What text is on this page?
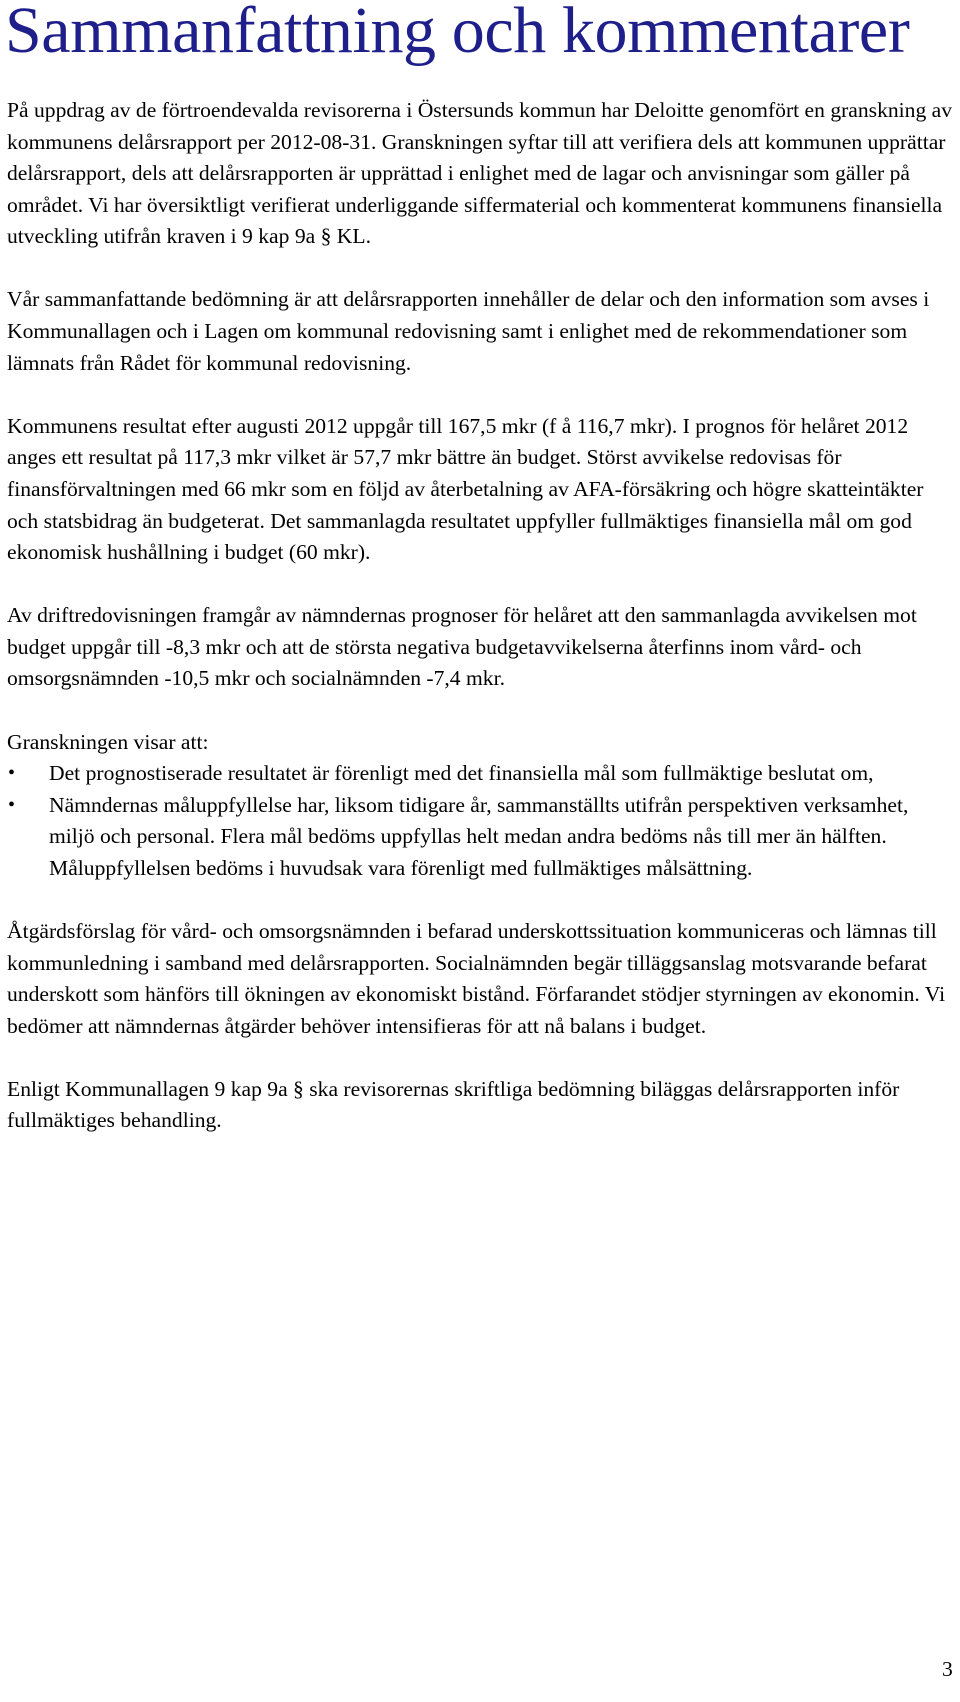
Sammanfattning och kommentarer

På uppdrag av de förtroendevalda revisorerna i Östersunds kommun har Deloitte genomfört en granskning av kommunens delårsrapport per 2012-08-31. Granskningen syftar till att verifiera dels att kommunen upprättar delårsrapport, dels att delårsrapporten är upprättad i enlighet med de lagar och anvisningar som gäller på området. Vi har översiktligt verifierat underliggande siffermaterial och kommenterat kommunens finansiella utveckling utifrån kraven i 9 kap 9a § KL.

Vår sammanfattande bedömning är att delårsrapporten innehåller de delar och den information som avses i Kommunallagen och i Lagen om kommunal redovisning samt i enlighet med de rekommendationer som lämnats från Rådet för kommunal redovisning.

Kommunens resultat efter augusti 2012 uppgår till 167,5 mkr (f å 116,7 mkr). I prognos för helåret 2012 anges ett resultat på 117,3 mkr vilket är 57,7 mkr bättre än budget. Störst avvikelse redovisas för finansförvaltningen med 66 mkr som en följd av återbetalning av AFA-försäkring och högre skatteintäkter och statsbidrag än budgeterat. Det sammanlagda resultatet uppfyller fullmäktiges finansiella mål om god ekonomisk hushållning i budget (60 mkr).

Av driftredovisningen framgår av nämndernas prognoser för helåret att den sammanlagda avvikelsen mot budget uppgår till -8,3 mkr och att de största negativa budgetavvikelserna återfinns inom vård- och omsorgsnämnden -10,5 mkr och socialnämnden -7,4 mkr.

Granskningen visar att:

• Det prognostiserade resultatet är förenligt med det finansiella mål som fullmäktige beslutat om,
• Nämndernas måluppfyllelse har, liksom tidigare år, sammanställts utifrån perspektiven verksamhet, miljö och personal. Flera mål bedöms uppfyllas helt medan andra bedöms nås till mer än hälften. Måluppfyllelsen bedöms i huvudsak vara förenligt med fullmäktiges målsättning.

Åtgärdsförslag för vård- och omsorgsnämnden i befarad underskottssituation kommuniceras och lämnas till kommunledning i samband med delårsrapporten. Socialnämnden begär tilläggsanslag motsvarande befarat underskott som hänförs till ökningen av ekonomiskt bistånd. Förfarandet stödjer styrningen av ekonomin. Vi bedömer att nämndernas åtgärder behöver intensifieras för att nå balans i budget.

Enligt Kommunallagen 9 kap 9a § ska revisorernas skriftliga bedömning biläggas delårsrapporten inför fullmäktiges behandling.

3
